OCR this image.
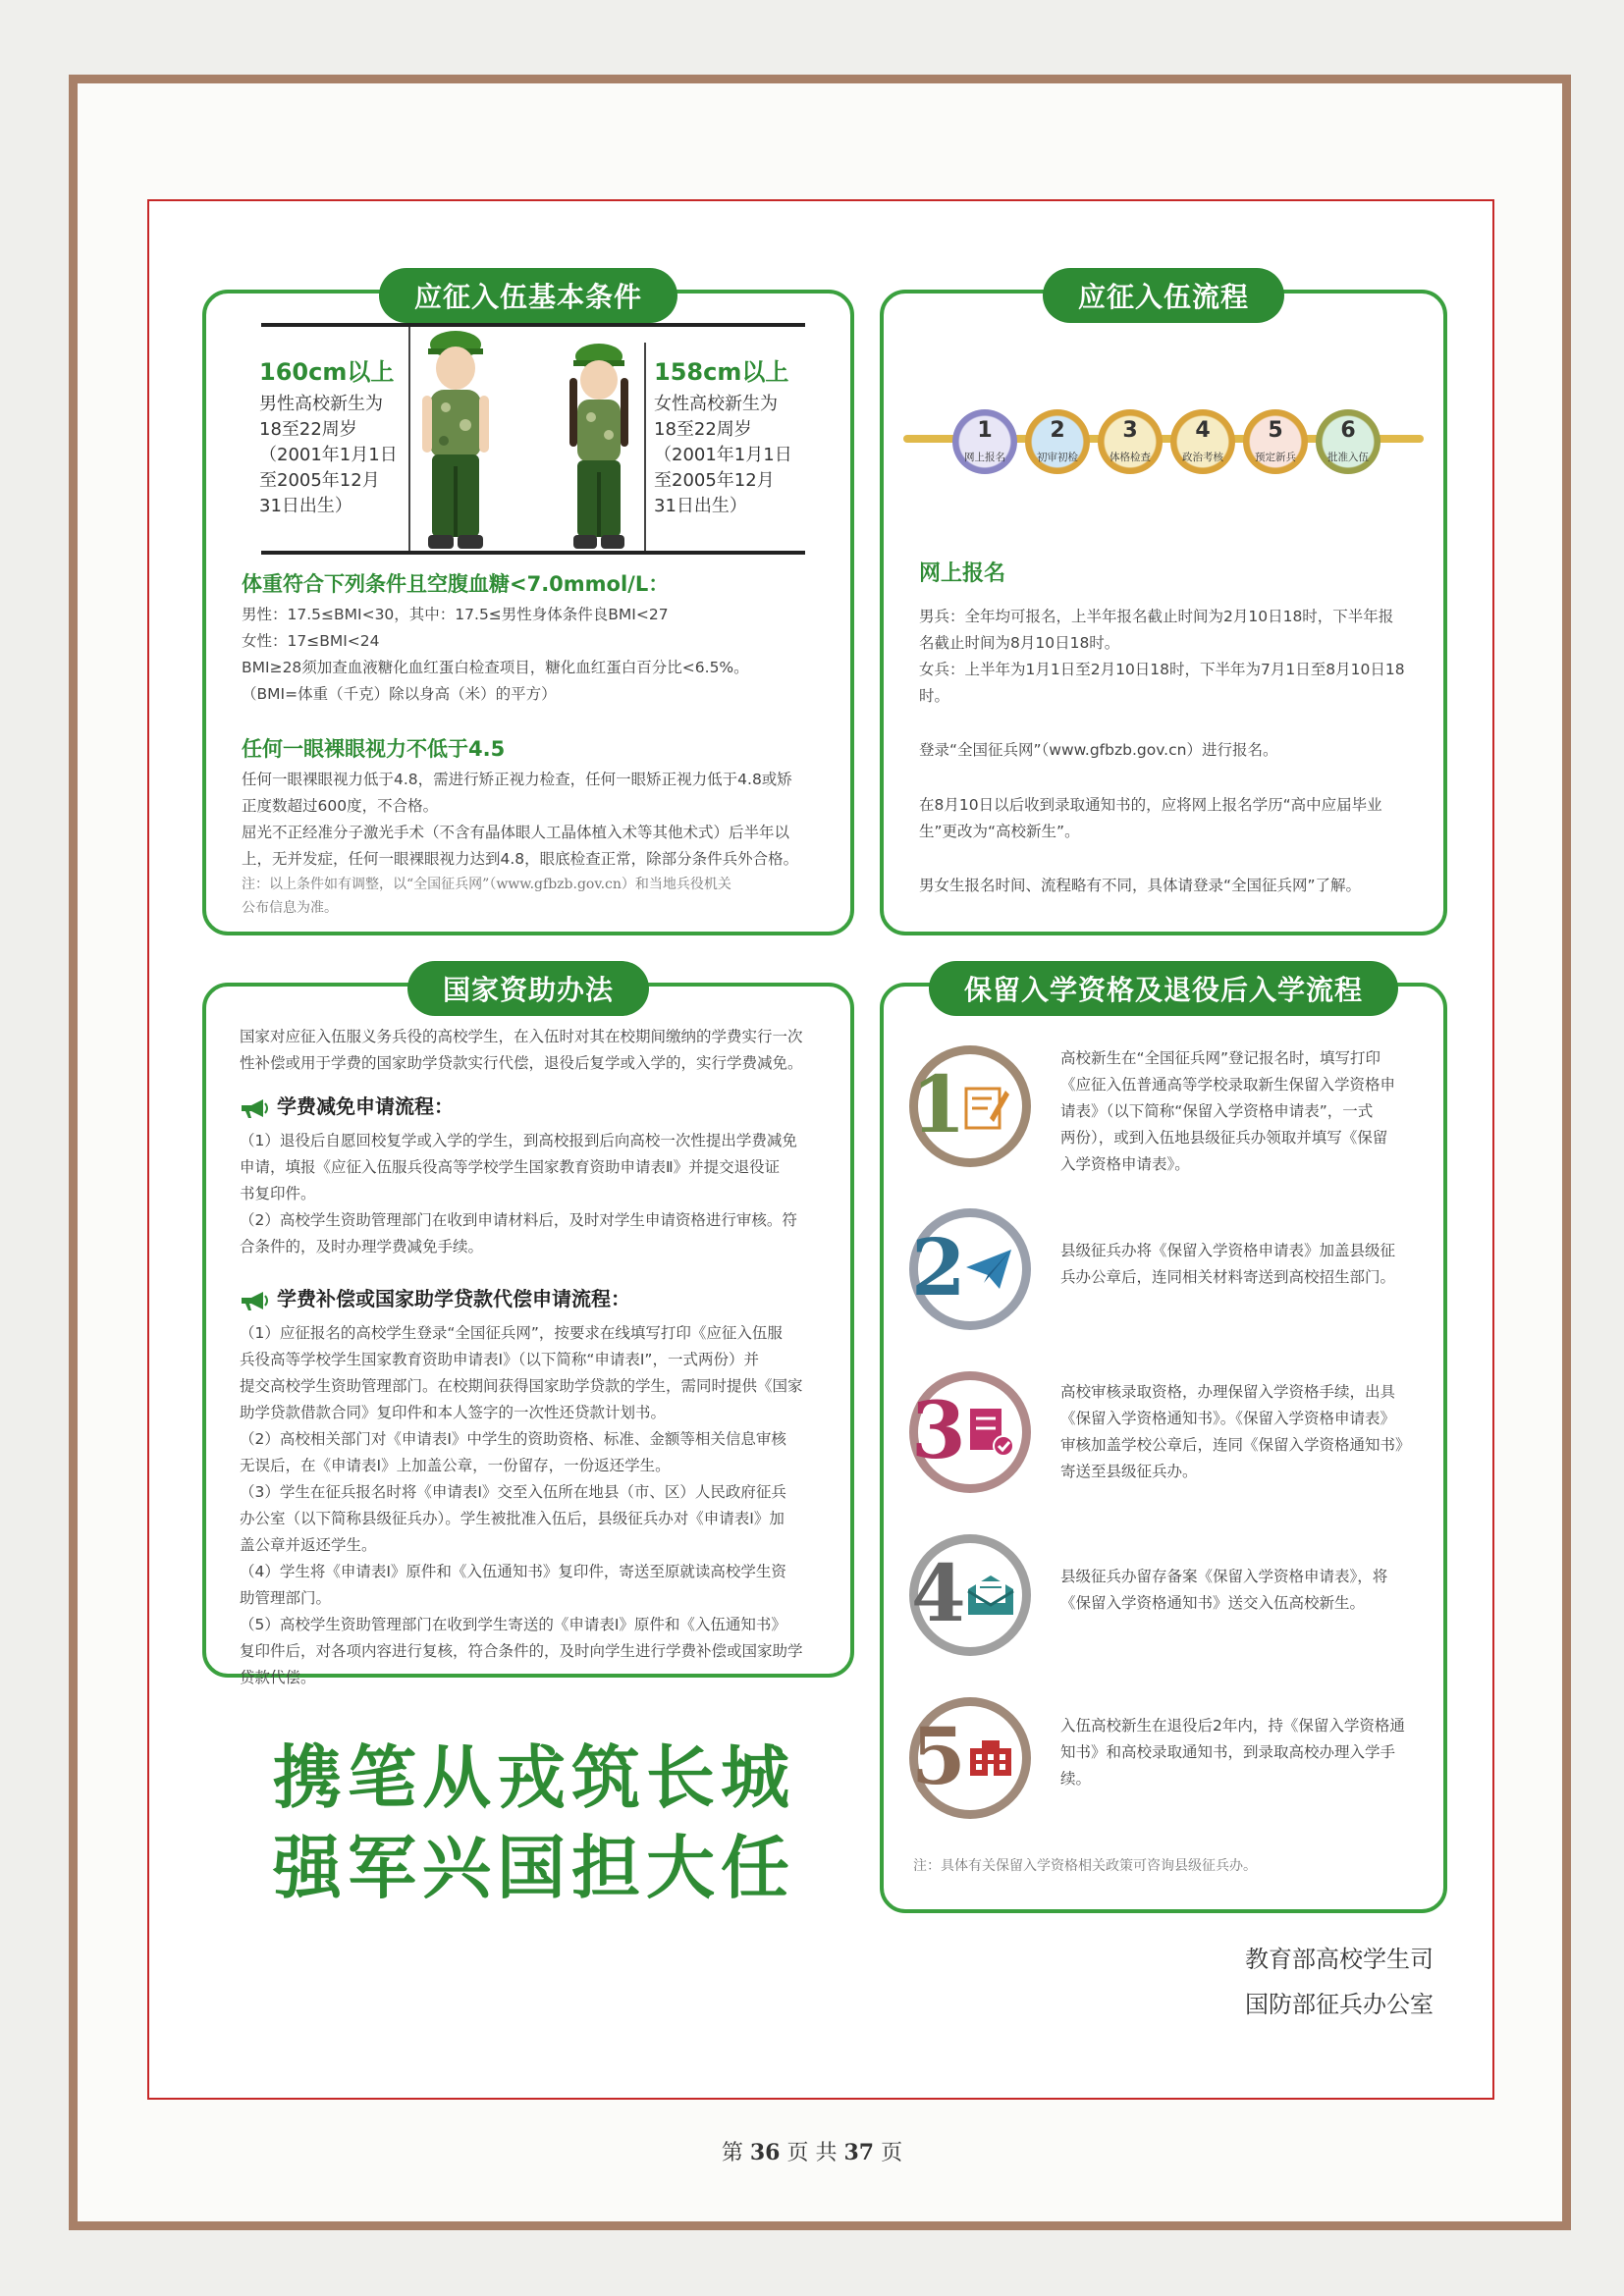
应征入伍基本条件
160cm以上
男性高校新生为
18至22周岁
（2001年1月1日
至2005年12月
31日出生）
158cm以上
女性高校新生为
18至22周岁
（2001年1月1日
至2005年12月
31日出生）
体重符合下列条件且空腹血糖<7.0mmol/L：
男性：17.5≤BMI<30，其中：17.5≤男性身体条件良BMI<27
女性：17≤BMI<24
BMI≥28须加查血液糖化血红蛋白检查项目，糖化血红蛋白百分比<6.5%。
（BMI=体重（千克）除以身高（米）的平方）
任何一眼裸眼视力不低于4.5
任何一眼裸眼视力低于4.8，需进行矫正视力检查，任何一眼矫正视力低于4.8或矫
正度数超过600度，不合格。
屈光不正经准分子激光手术（不含有晶体眼人工晶体植入术等其他术式）后半年以
上，无并发症，任何一眼裸眼视力达到4.8，眼底检查正常，除部分条件兵外合格。
注：以上条件如有调整，以“全国征兵网”（www.gfbzb.gov.cn）和当地兵役机关
公布信息为准。
应征入伍流程
1
网上报名
2
初审初检
3
体格检查
4
政治考核
5
预定新兵
6
批准入伍
网上报名
男兵：全年均可报名，上半年报名截止时间为2月10日18时，下半年报
名截止时间为8月10日18时。
女兵：上半年为1月1日至2月10日18时，下半年为7月1日至8月10日18
时。
登录“全国征兵网”（www.gfbzb.gov.cn）进行报名。
在8月10日以后收到录取通知书的，应将网上报名学历“高中应届毕业
生”更改为“高校新生”。
男女生报名时间、流程略有不同，具体请登录“全国征兵网”了解。
国家资助办法
国家对应征入伍服义务兵役的高校学生，在入伍时对其在校期间缴纳的学费实行一次
性补偿或用于学费的国家助学贷款实行代偿，退役后复学或入学的，实行学费减免。
学费减免申请流程：
（1）退役后自愿回校复学或入学的学生，到高校报到后向高校一次性提出学费减免
申请，填报《应征入伍服兵役高等学校学生国家教育资助申请表Ⅱ》并提交退役证
书复印件。
（2）高校学生资助管理部门在收到申请材料后，及时对学生申请资格进行审核。符
合条件的，及时办理学费减免手续。
学费补偿或国家助学贷款代偿申请流程：
（1）应征报名的高校学生登录“全国征兵网”，按要求在线填写打印《应征入伍服
兵役高等学校学生国家教育资助申请表Ⅰ》（以下简称“申请表Ⅰ”，一式两份）并
提交高校学生资助管理部门。在校期间获得国家助学贷款的学生，需同时提供《国家
助学贷款借款合同》复印件和本人签字的一次性还贷款计划书。
（2）高校相关部门对《申请表Ⅰ》中学生的资助资格、标准、金额等相关信息审核
无误后，在《申请表Ⅰ》上加盖公章，一份留存，一份返还学生。
（3）学生在征兵报名时将《申请表Ⅰ》交至入伍所在地县（市、区）人民政府征兵
办公室（以下简称县级征兵办）。学生被批准入伍后，县级征兵办对《申请表Ⅰ》加
盖公章并返还学生。
（4）学生将《申请表Ⅰ》原件和《入伍通知书》复印件，寄送至原就读高校学生资
助管理部门。
（5）高校学生资助管理部门在收到学生寄送的《申请表Ⅰ》原件和《入伍通知书》
复印件后，对各项内容进行复核，符合条件的，及时向学生进行学费补偿或国家助学
贷款代偿。
保留入学资格及退役后入学流程
1	高校新生在“全国征兵网”登记报名时，填写打印
《应征入伍普通高等学校录取新生保留入学资格申
请表》（以下简称“保留入学资格申请表”，一式
两份），或到入伍地县级征兵办领取并填写《保留
入学资格申请表》。
2	县级征兵办将《保留入学资格申请表》加盖县级征
兵办公章后，连同相关材料寄送到高校招生部门。
3	高校审核录取资格，办理保留入学资格手续，出具
《保留入学资格通知书》。《保留入学资格申请表》
审核加盖学校公章后，连同《保留入学资格通知书》
寄送至县级征兵办。
4	县级征兵办留存备案《保留入学资格申请表》，将
《保留入学资格通知书》送交入伍高校新生。
5	入伍高校新生在退役后2年内，持《保留入学资格通
知书》和高校录取通知书，到录取高校办理入学手
续。
注：具体有关保留入学资格相关政策可咨询县级征兵办。
携笔从戎筑长城
强军兴国担大任
教育部高校学生司
国防部征兵办公室
第 36 页 共 37 页
